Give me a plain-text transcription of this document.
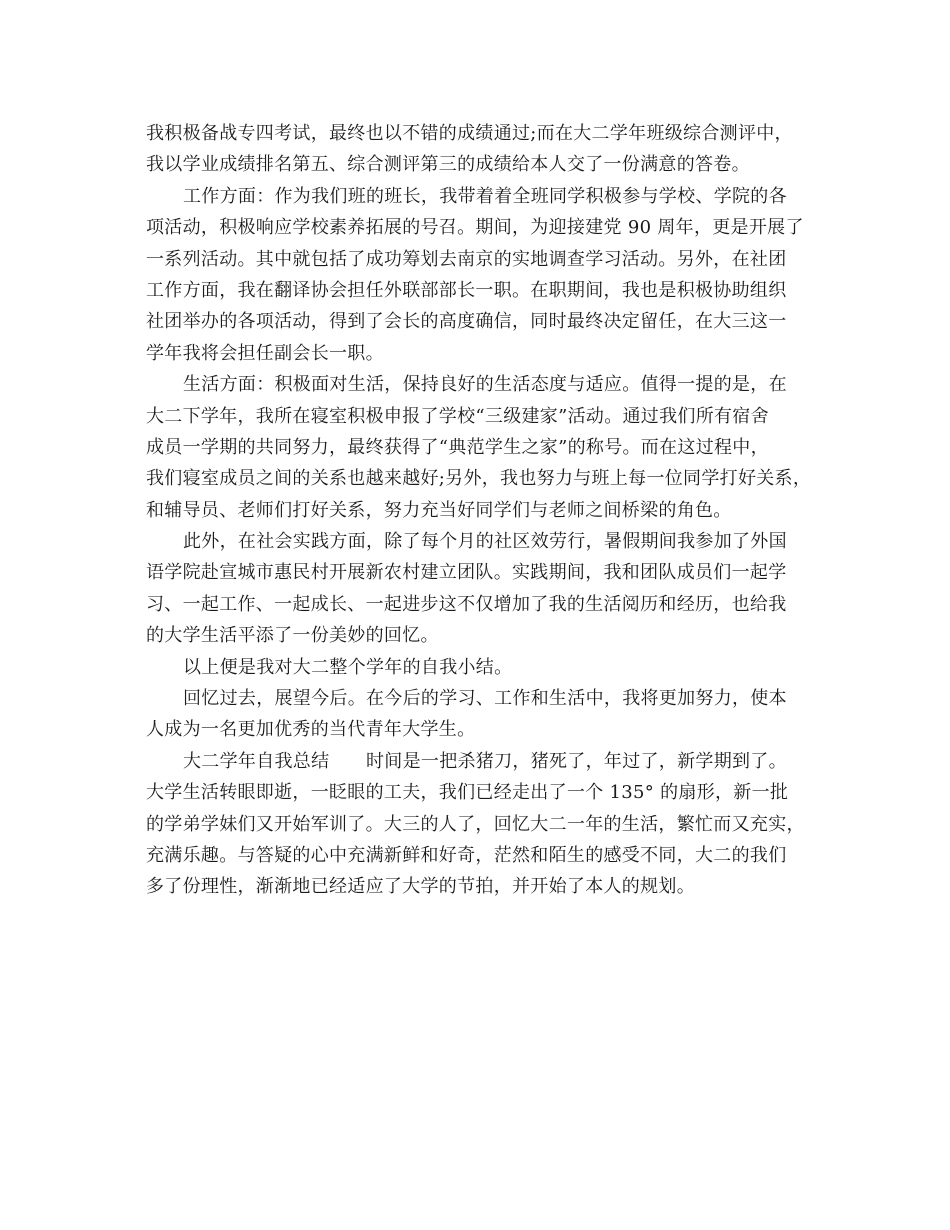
我积极备战专四考试，最终也以不错的成绩通过;而在大二学年班级综合测评中，
我以学业成绩排名第五、综合测评第三的成绩给本人交了一份满意的答卷。
工作方面：作为我们班的班长，我带着着全班同学积极参与学校、学院的各
项活动，积极响应学校素养拓展的号召。期间，为迎接建党 90 周年，更是开展了
一系列活动。其中就包括了成功筹划去南京的实地调查学习活动。另外，在社团
工作方面，我在翻译协会担任外联部部长一职。在职期间，我也是积极协助组织
社团举办的各项活动，得到了会长的高度确信，同时最终决定留任，在大三这一
学年我将会担任副会长一职。
生活方面：积极面对生活，保持良好的生活态度与适应。值得一提的是，在
大二下学年，我所在寝室积极申报了学校“三级建家”活动。通过我们所有宿舍
成员一学期的共同努力，最终获得了“典范学生之家”的称号。而在这过程中，
我们寝室成员之间的关系也越来越好;另外，我也努力与班上每一位同学打好关系，
和辅导员、老师们打好关系，努力充当好同学们与老师之间桥梁的角色。
此外，在社会实践方面，除了每个月的社区效劳行，暑假期间我参加了外国
语学院赴宣城市惠民村开展新农村建立团队。实践期间，我和团队成员们一起学
习、一起工作、一起成长、一起进步这不仅增加了我的生活阅历和经历，也给我
的大学生活平添了一份美妙的回忆。
以上便是我对大二整个学年的自我小结。
回忆过去，展望今后。在今后的学习、工作和生活中，我将更加努力，使本
人成为一名更加优秀的当代青年大学生。
大二学年自我总结　　时间是一把杀猪刀，猪死了，年过了，新学期到了。
大学生活转眼即逝，一眨眼的工夫，我们已经走出了一个 135° 的扇形，新一批
的学弟学妹们又开始军训了。大三的人了，回忆大二一年的生活，繁忙而又充实，
充满乐趣。与答疑的心中充满新鲜和好奇，茫然和陌生的感受不同，大二的我们
多了份理性，渐渐地已经适应了大学的节拍，并开始了本人的规划。
